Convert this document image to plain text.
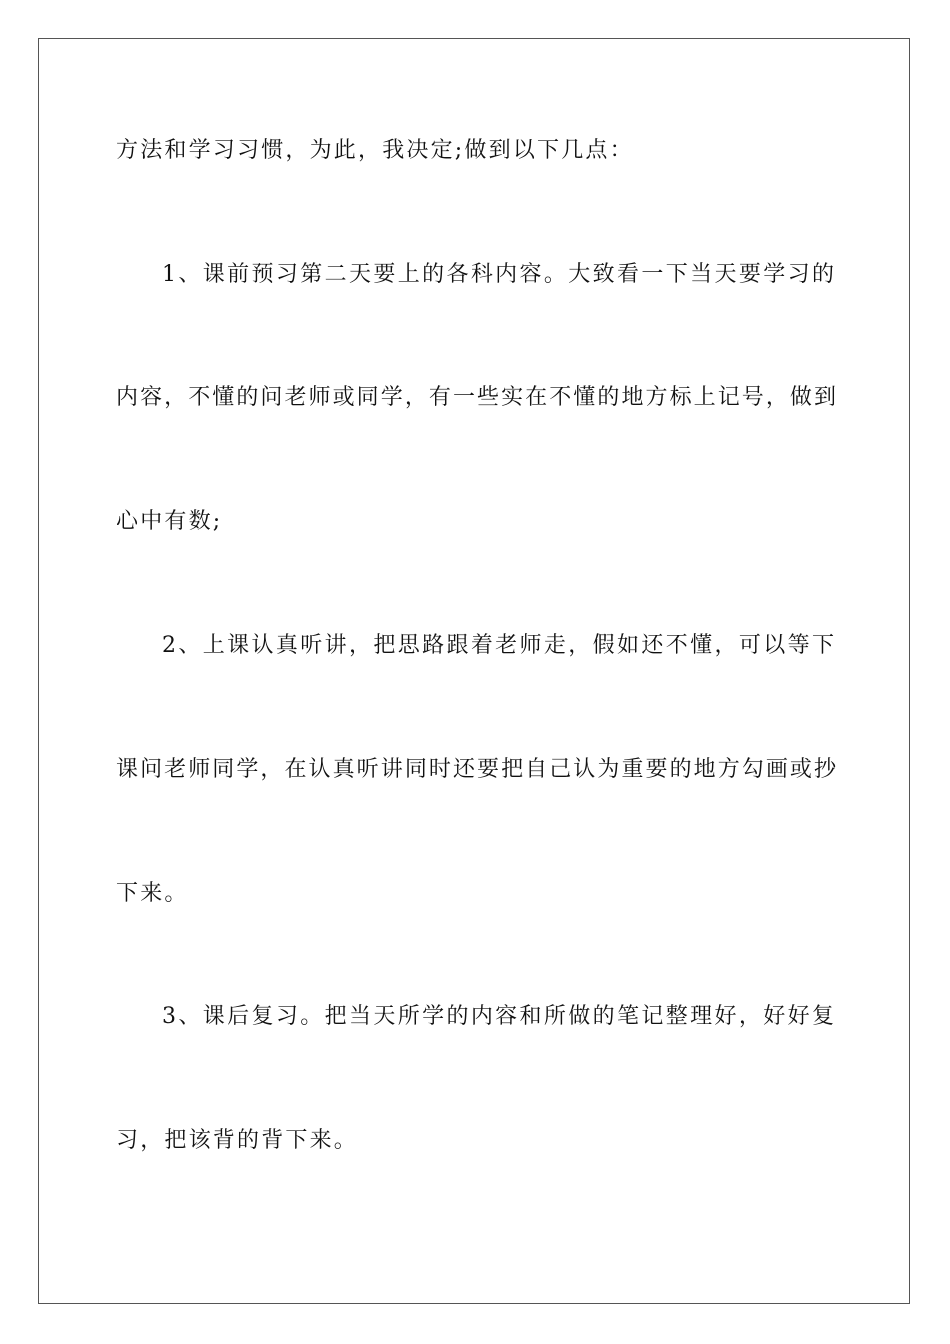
方法和学习习惯，为此，我决定;做到以下几点：
1、课前预习第二天要上的各科内容。大致看一下当天要学习的
内容，不懂的问老师或同学，有一些实在不懂的地方标上记号，做到
心中有数;
2、上课认真听讲，把思路跟着老师走，假如还不懂，可以等下
课问老师同学，在认真听讲同时还要把自己认为重要的地方勾画或抄
下来。
3、课后复习。把当天所学的内容和所做的笔记整理好，好好复
习，把该背的背下来。
